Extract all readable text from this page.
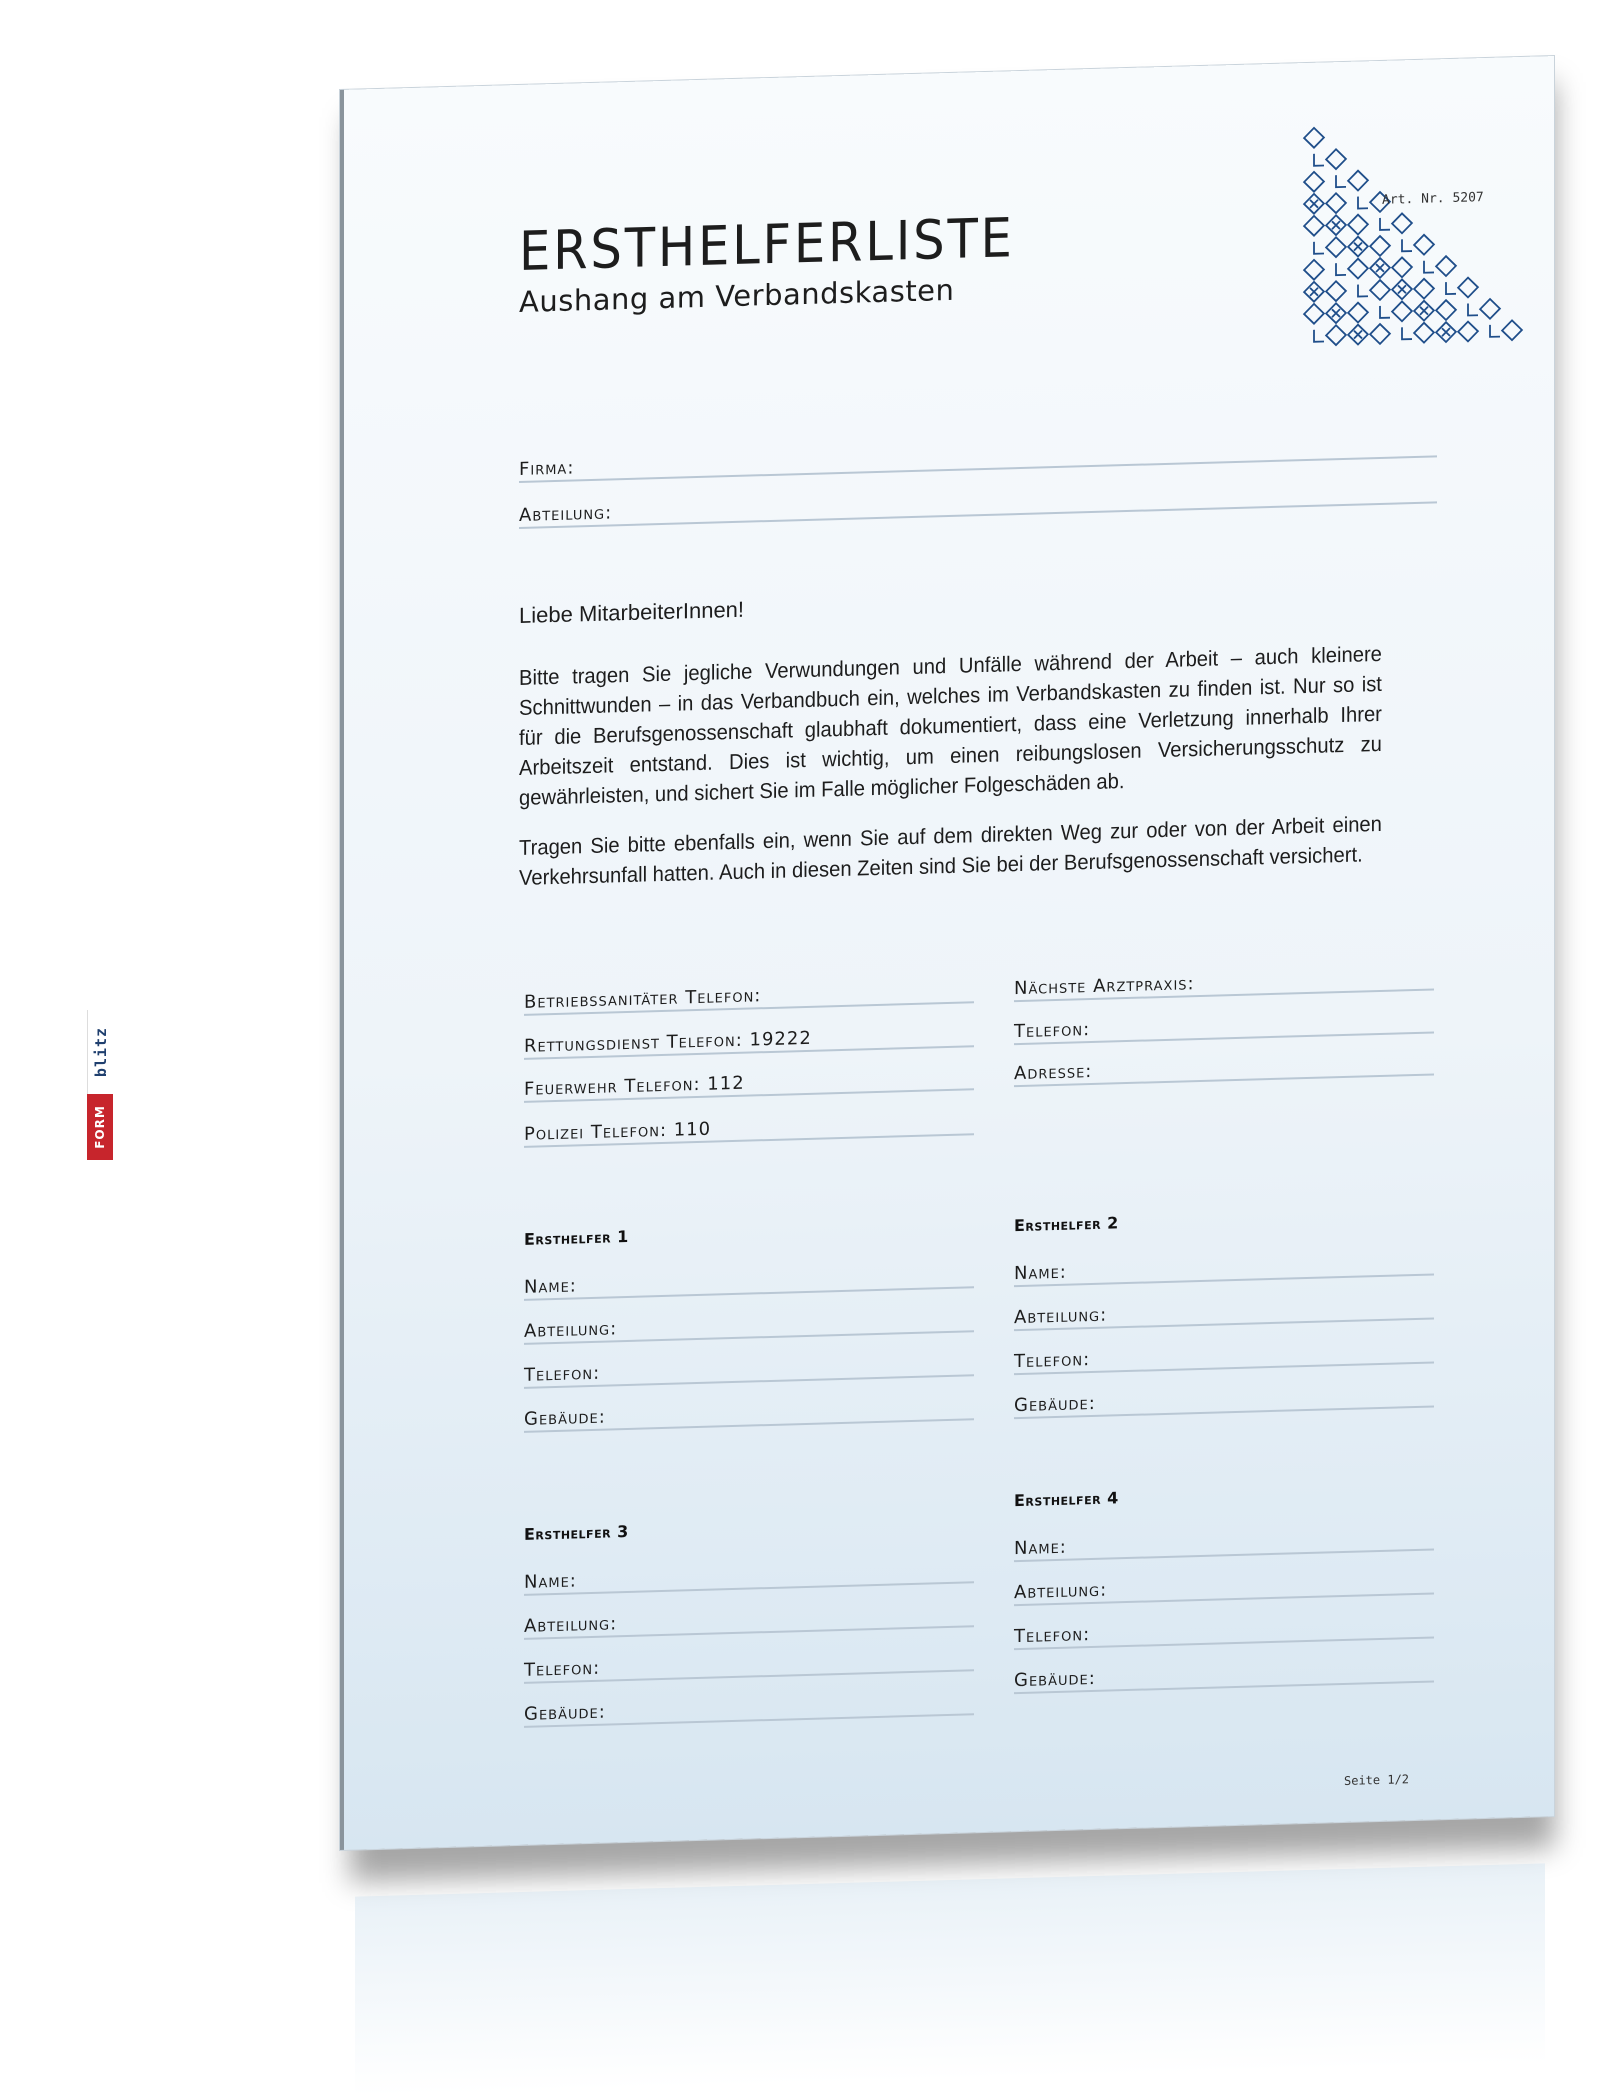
ERSTHELFERLISTE
Aushang am Verbandskasten
Art. Nr. 5207
Firma:
Abteilung:
Liebe MitarbeiterInnen!
Bitte tragen Sie jegliche Verwundungen und Unfälle während der Arbeit – auch kleinere Schnittwunden – in das Verbandbuch ein, welches im Verbandskasten zu finden ist. Nur so ist für die Berufsgenossenschaft glaubhaft dokumentiert, dass eine Verletzung innerhalb Ihrer Arbeitszeit entstand. Dies ist wichtig, um einen reibungslosen Versicherungsschutz zu gewährleisten, und sichert Sie im Falle möglicher Folgeschäden ab.
Tragen Sie bitte ebenfalls ein, wenn Sie auf dem direkten Weg zur oder von der Arbeit einen Verkehrsunfall hatten. Auch in diesen Zeiten sind Sie bei der Berufsgenossenschaft versichert.
Seite 1/2
Betriebssanitäter Telefon:
Rettungsdienst Telefon: 19222
Feuerwehr Telefon: 112
Polizei Telefon: 110
Nächste Arztpraxis:
Telefon:
Adresse:
Ersthelfer 1
Name:
Abteilung:
Telefon:
Gebäude:
Ersthelfer 2
Name:
Abteilung:
Telefon:
Gebäude:
Ersthelfer 3
Name:
Abteilung:
Telefon:
Gebäude:
Ersthelfer 4
Name:
Abteilung:
Telefon:
Gebäude:
blitz
FORM
